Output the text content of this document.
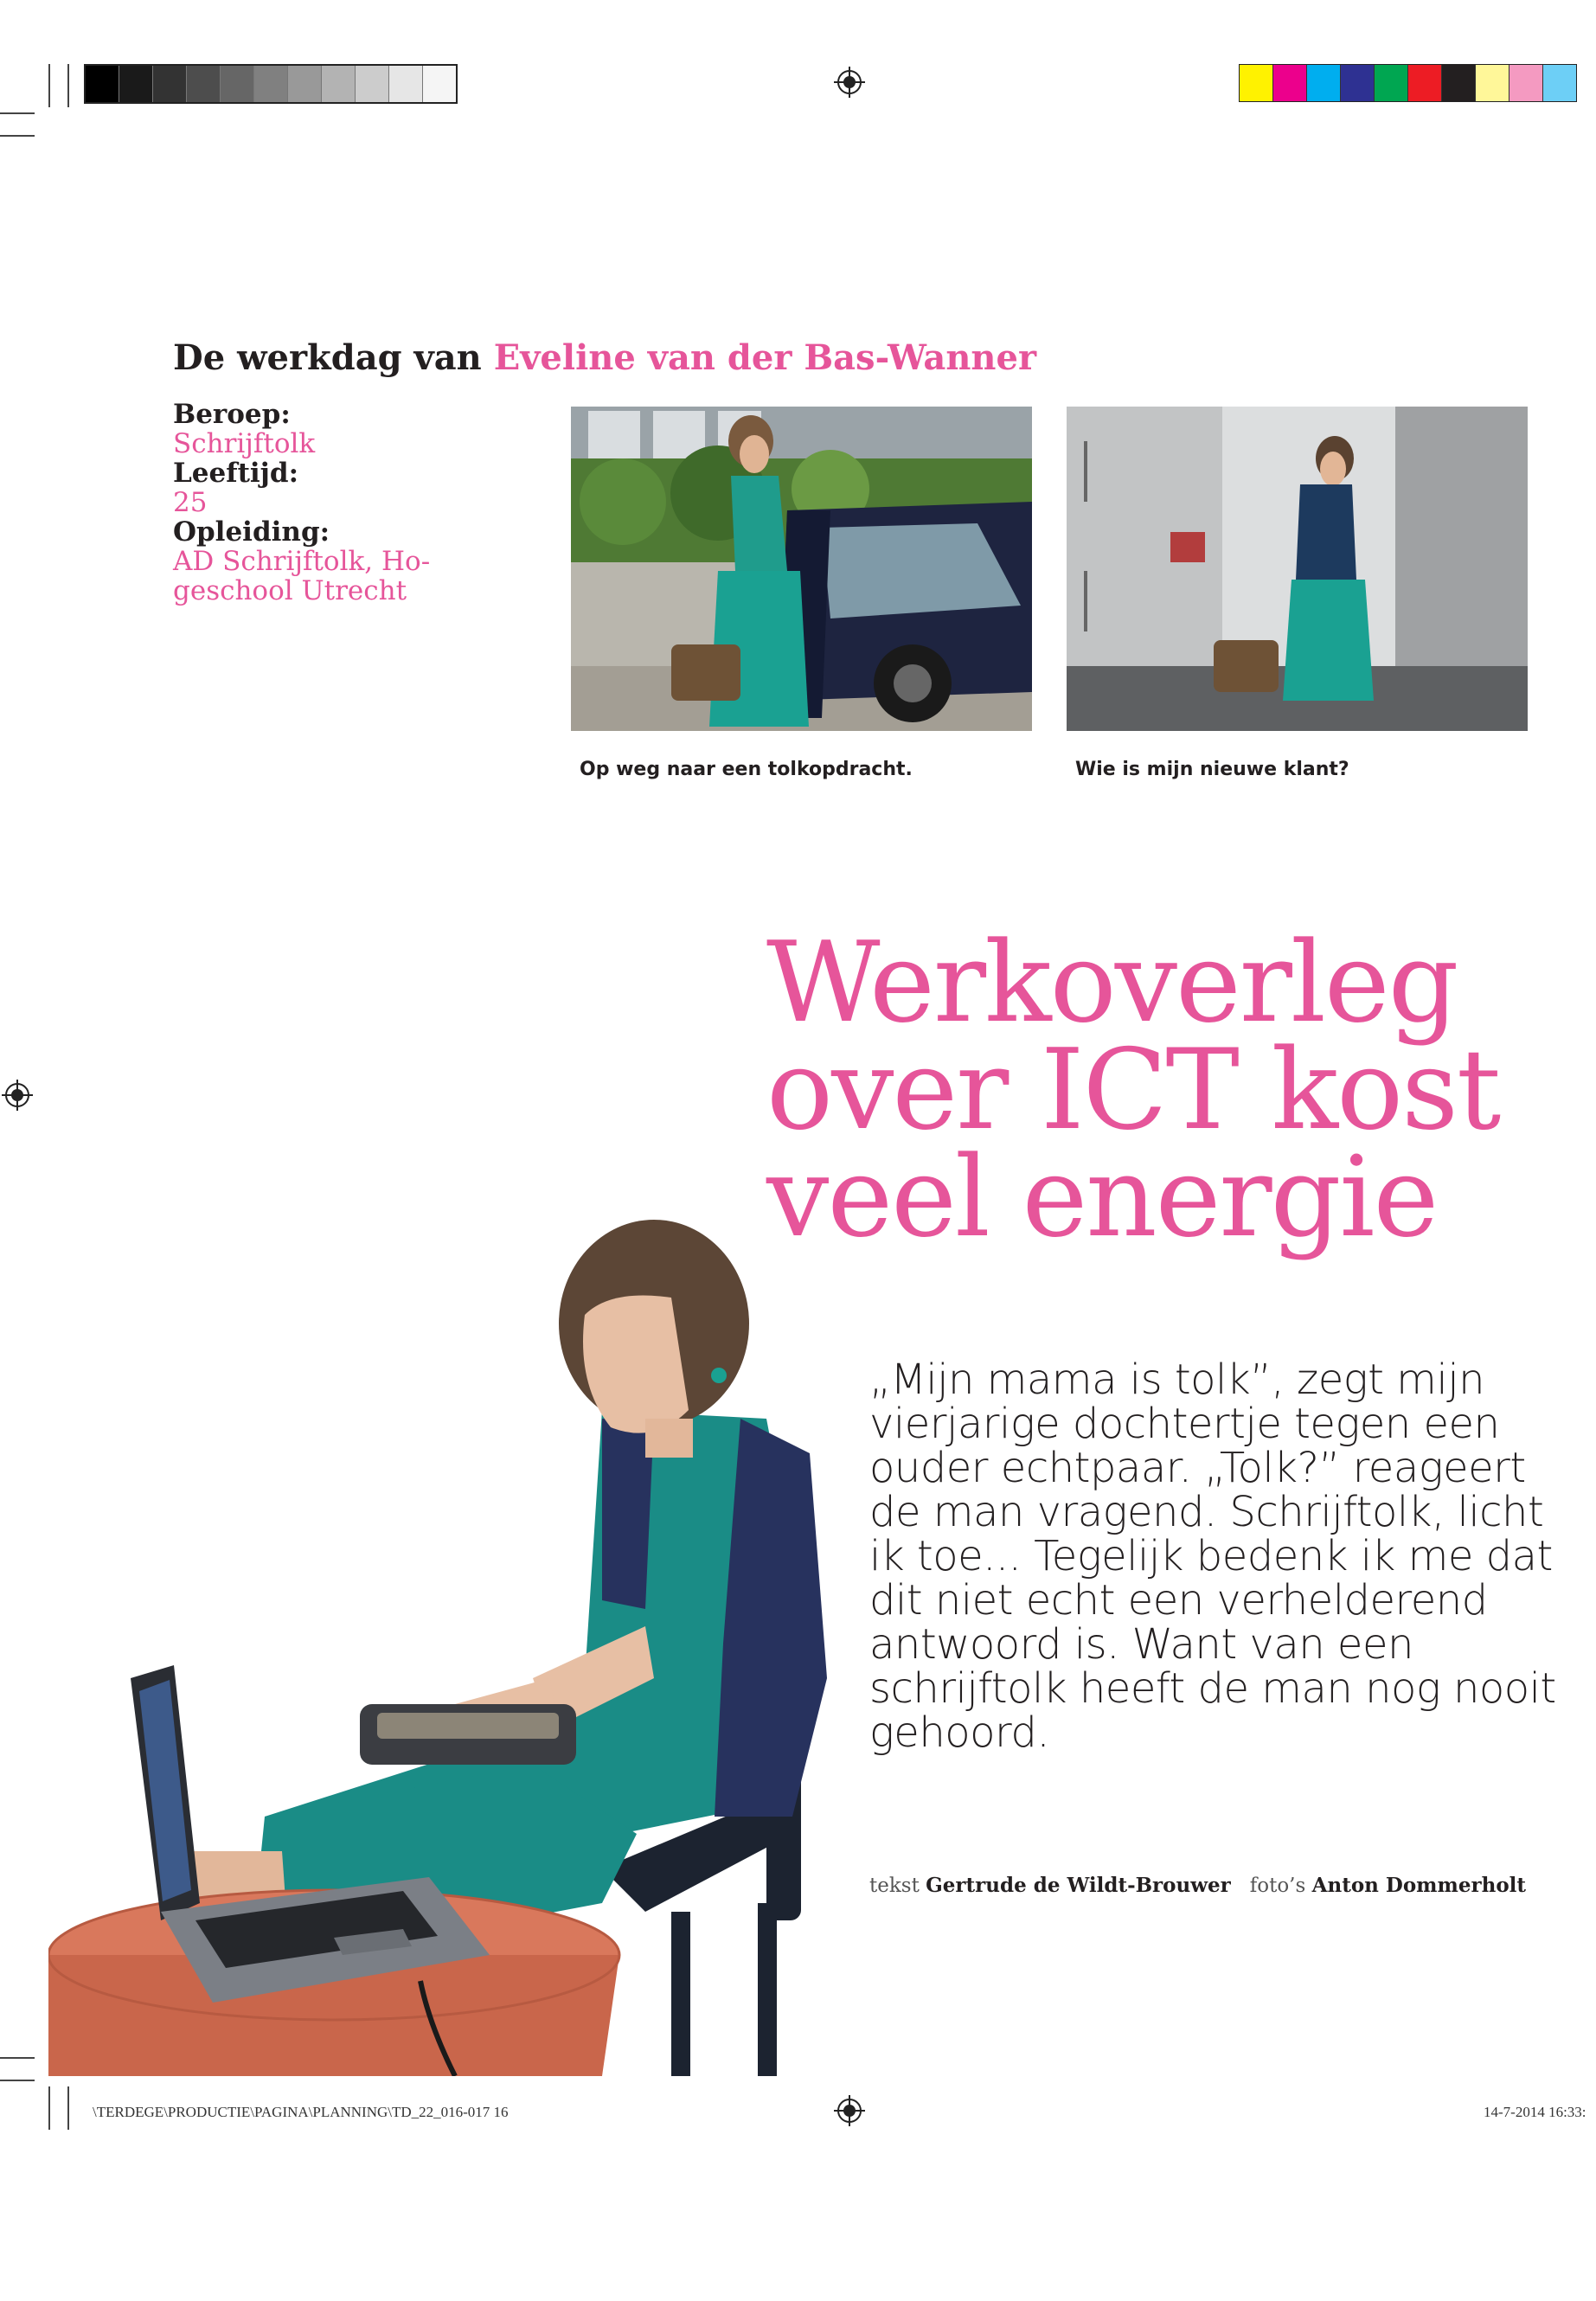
De werkdag van Eveline van der Bas-Wanner
Beroep:
Schrijftolk
Leeftijd:
25
Opleiding:
AD Schrijftolk, Ho-
geschool Utrecht
Op weg naar een tolkopdracht.	Wie is mijn nieuwe klant?
Werkoverleg
over ICT kost
veel energie
„Mijn mama is tolk”, zegt mijn vierjarige dochtertje tegen een ouder echtpaar. „Tolk?” reageert de man vragend. Schrijftolk, licht ik toe... Tegelijk bedenk ik me dat dit niet echt een verhelderend antwoord is. Want van een schrijftolk heeft de man nog nooit gehoord.
tekst Gertrude de Wildt-Brouwer foto’s Anton Dommerholt
\TERDEGE\PRODUCTIE\PAGINA\PLANNING\TD_22_016-017 16	14-7-2014 16:33:
